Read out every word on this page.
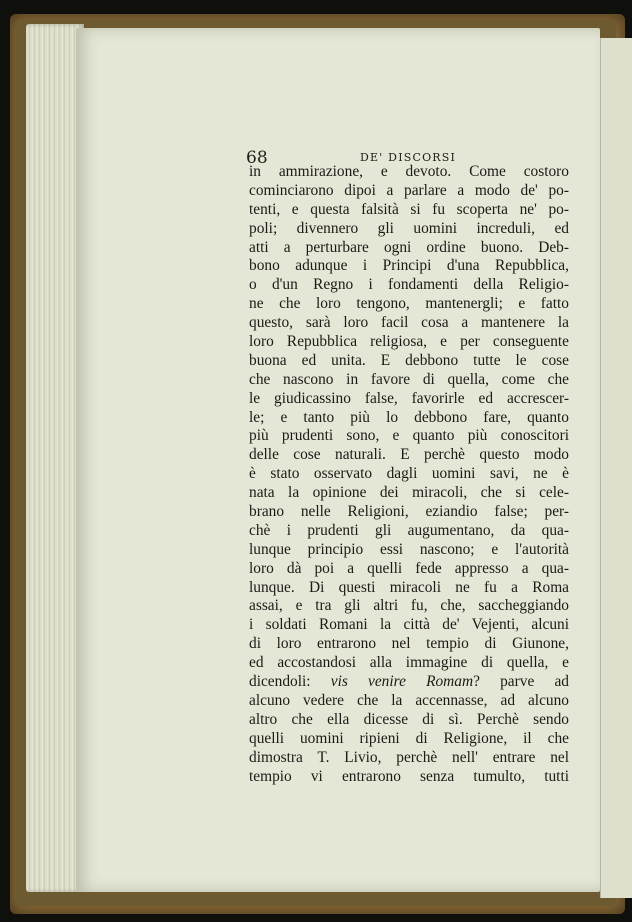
68	DE' DISCORSI
in ammirazione, e devoto. Come costoro
cominciarono dipoi a parlare a modo de' po-
tenti, e questa falsità si fu scoperta ne' po-
poli; divennero gli uomini increduli, ed
atti a perturbare ogni ordine buono. Deb-
bono adunque i Principi d'una Repubblica,
o d'un Regno i fondamenti della Religio-
ne che loro tengono, mantenergli; e fatto
questo, sarà loro facil cosa a mantenere la
loro Repubblica religiosa, e per conseguente
buona ed unita. E debbono tutte le cose
che nascono in favore di quella, come che
le giudicassino false, favorirle ed accrescer-
le; e tanto più lo debbono fare, quanto
più prudenti sono, e quanto più conoscitori
delle cose naturali. E perchè questo modo
è stato osservato dagli uomini savi, ne è
nata la opinione dei miracoli, che si cele-
brano nelle Religioni, eziandio false; per-
chè i prudenti gli augumentano, da qua-
lunque principio essi nascono; e l'autorità
loro dà poi a quelli fede appresso a qua-
lunque. Di questi miracoli ne fu a Roma
assai, e tra gli altri fu, che, saccheggiando
i soldati Romani la città de' Vejenti, alcuni
di loro entrarono nel tempio di Giunone,
ed accostandosi alla immagine di quella, e
dicendoli: vis venire Romam? parve ad
alcuno vedere che la accennasse, ad alcuno
altro che ella dicesse di sì. Perchè sendo
quelli uomini ripieni di Religione, il che
dimostra T. Livio, perchè nell' entrare nel
tempio vi entrarono senza tumulto, tutti
